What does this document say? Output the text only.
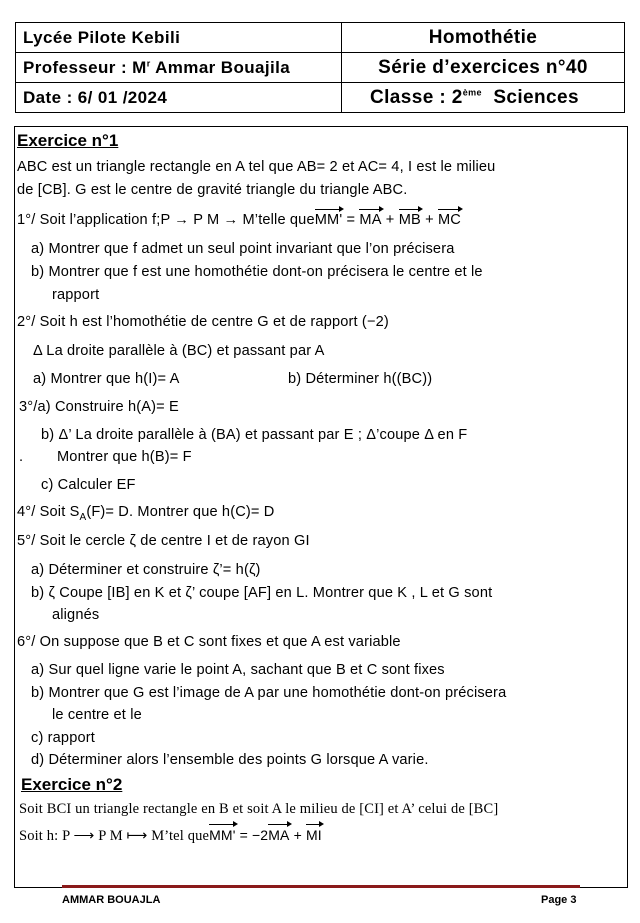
Lycée Pilote Kebili	Homothétie
Professeur : $M^r$ Ammar Bouajila	Série d’exercices n°40
Date : 6/ 01 /2024	Classe : 2ème Sciences
Exercice n°1
ABC est un triangle rectangle en A tel que AB= 2 et AC= 4, I est le milieu
de [CB]. G est le centre de gravité triangle du triangle ABC.
1°/ Soit l’application f;P → P M → M’telle queMM' = MA + MB + MC
a) Montrer que f admet un seul point invariant que l’on précisera
b) Montrer que f est une homothétie dont-on précisera le centre et le
rapport
2°/ Soit h est l’homothétie de centre G et de rapport (−2)
Δ La droite parallèle à (BC) et passant par A
a) Montrer que h(I)= A	b) Déterminer h((BC))
3°/a) Construire h(A)= E
b) Δ’ La droite parallèle à (BA) et passant par E ; Δ’coupe Δ en F
. Montrer que h(B)= F
c) Calculer EF
4°/ Soit $S_A(F)= D$. Montrer que h(C)= D
5°/ Soit le cercle ζ de centre I et de rayon GI
a) Déterminer et construire ζ’= h(ζ)
b) ζ Coupe [IB] en K et ζ’ coupe [AF] en L. Montrer que K , L et G sont
alignés
6°/ On suppose que B et C sont fixes et que A est variable
a) Sur quel ligne varie le point A, sachant que B et C sont fixes
b) Montrer que G est l’image de A par une homothétie dont-on précisera
le centre et le
c) rapport
d) Déterminer alors l’ensemble des points G lorsque A varie.
Exercice n°2
Soit BCI un triangle rectangle en B et soit A le milieu de [CI] et A’ celui de [BC]
Soit h: P ⟶ P M ⟼ M’tel queMM' = −2MA + MI
AMMAR BOUAJLA	Page 3
